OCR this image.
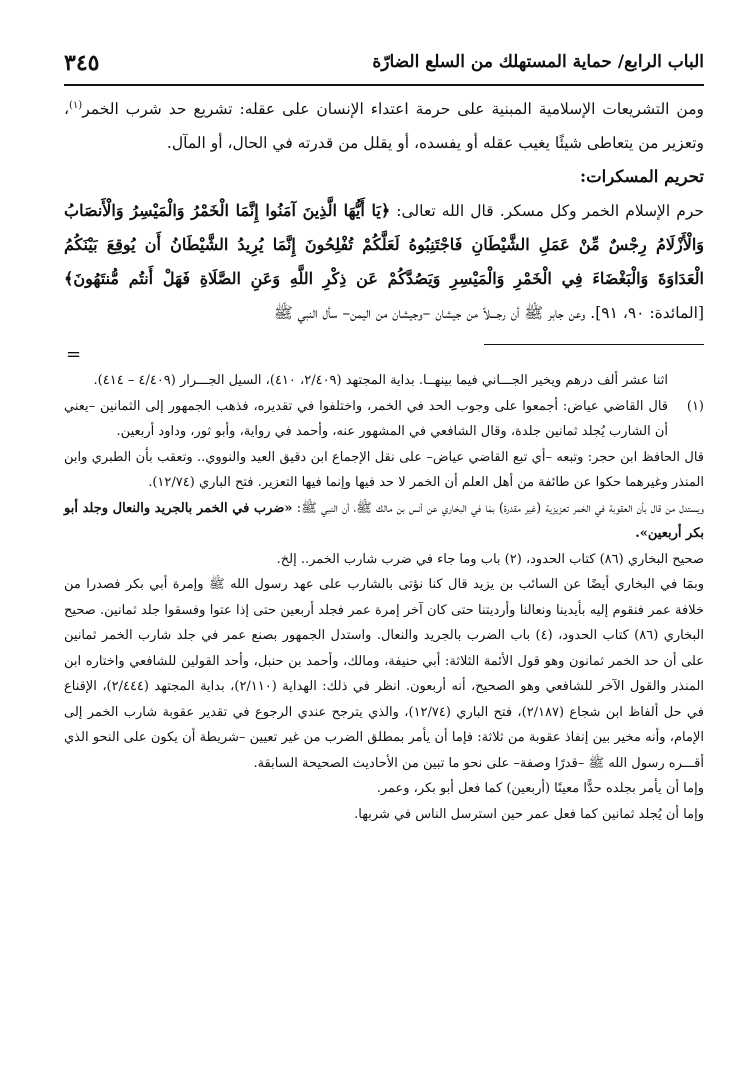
٣٤٥	الباب الرابع/ حماية المستهلك من السلع الضارّة

ومن التشريعات الإسلامية المبنية على حرمة اعتداء الإنسان على عقله: تشريع حد شرب الخمر$^{(١)}$، وتعزير من يتعاطى شيئًا يغيب عقله أو يفسده، أو يقلل من قدرته في الحال، أو المآل.

تحريم المسكرات:

حرم الإسلام الخمر وكل مسكر. قال الله تعالى: ﴿يَا أَيُّهَا الَّذِينَ آمَنُوا إِنَّمَا الْخَمْرُ وَالْمَيْسِرُ وَالْأَنصَابُ وَالْأَزْلَامُ رِجْسٌ مِّنْ عَمَلِ الشَّيْطَانِ فَاجْتَنِبُوهُ لَعَلَّكُمْ تُفْلِحُونَ إِنَّمَا يُرِيدُ الشَّيْطَانُ أَن يُوقِعَ بَيْنَكُمُ الْعَدَاوَةَ وَالْبَغْضَاءَ فِي الْخَمْرِ وَالْمَيْسِرِ وَيَصُدَّكُمْ عَن ذِكْرِ اللَّهِ وَعَنِ الصَّلَاةِ فَهَلْ أَنتُم مُّنتَهُونَ﴾ [المائدة: ٩٠، ٩١]. وعن جابر ﷺ أن رجـــلاً من جيشان –وجيشان من اليمن– سأل النبي ﷺ

=

اثنا عشر ألف درهم ويخير الجـــاني فيما بينهــا. بداية المجتهد (٢/٤٠٩، ٤١٠)، السيل الجـــرار (٤/٤٠٩ – ٤١٤).

(١)قال القاضي عياض: أجمعوا على وجوب الحد في الخمر، واختلفوا في تقديره، فذهب الجمهور إلى الثمانين –يعني أن الشارب يُجلد ثمانين جلدة، وقال الشافعي في المشهور عنه، وأحمد في رواية، وأبو ثور، وداود أربعين.

قال الحافظ ابن حجر: وتبعه –أي تبع القاضي عياض– على نقل الإجماع ابن دقيق العيد والنووي.. وتعقب بأن الطبري وابن المنذر وغيرهما حكوا عن طائفة من أهل العلم أن الخمر لا حد فيها وإنما فيها التعزير. فتح الباري (١٢/٧٤).

ويستدل من قال بأن العقوبة في الخمر تعزيزية (غير مقدرة) بمَا في البخاري عن أنس بن مالك ﷺ، أن النبي ﷺ: «ضرب في الخمر بالجريد والنعال وجلد أبو بكر أربعين».

صحيح البخاري (٨٦) كتاب الحدود، (٢) باب وما جاء في ضرب شارب الخمر.. إلخ.

وبمَا في البخاري أيضًا عن السائب بن يزيد قال كنا نؤتى بالشارب على عهد رسول الله ﷺ وإمرة أبي بكر فصدرا من خلافة عمر فنقوم إليه بأيدينا ونعالنا وأرديتنا حتى كان آخر إمرة عمر فجلد أربعين حتى إذا عتوا وفسقوا جلد ثمانين. صحيح البخاري (٨٦) كتاب الحدود، (٤) باب الضرب بالجريد والنعال. واستدل الجمهور بصنع عمر في جلد شارب الخمر ثمانين على أن حد الخمر ثمانون وهو قول الأئمة الثلاثة: أبي حنيفة، ومالك، وأحمد بن حنبل، وأحد القولين للشافعي واختاره ابن المنذر والقول الآخر للشافعي وهو الصحيح، أنه أربعون. انظر في ذلك: الهداية (٢/١١٠)، بداية المجتهد (٢/٤٤٤)، الإقناع في حل ألفاظ ابن شجاع (٢/١٨٧)، فتح الباري (١٢/٧٤)، والذي يترجح عندي الرجوع في تقدير عقوبة شارب الخمر إلى الإمام، وأنه مخير بين إنفاذ عقوبة من ثلاثة: فإما أن يأمر بمطلق الضرب من غير تعيين –شريطة أن يكون على النحو الذي أقـــره رسول الله ﷺ –قدرًا وصفة– على نحو ما تبين من الأحاديث الصحيحة السابقة.

وإما أن يأمر بجلده حدًّا معينًا (أربعين) كما فعل أبو بكر، وعمر.

وإما أن يُجلد ثمانين كما فعل عمر حين استرسل الناس في شربها.
